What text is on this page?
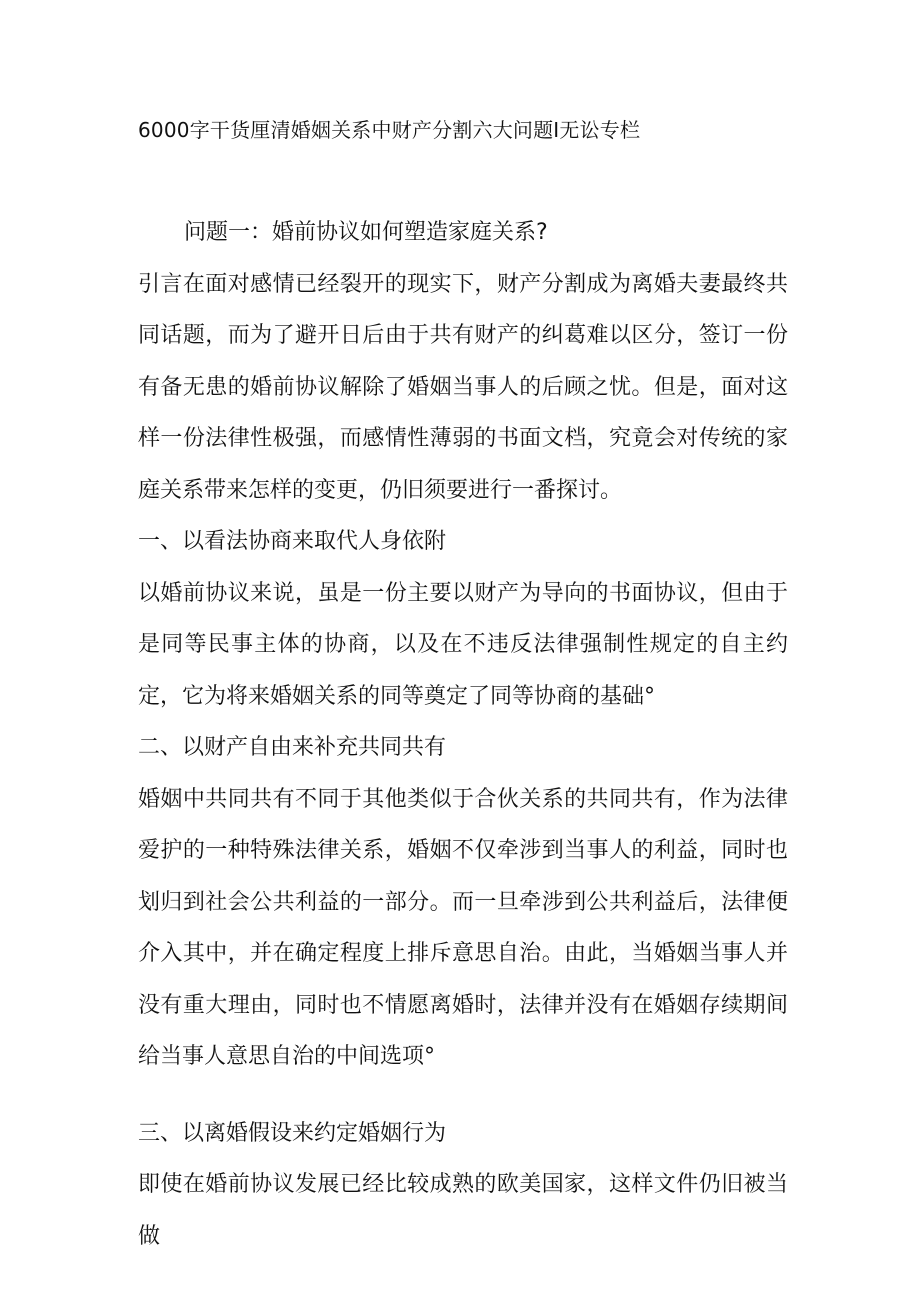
6000字干货厘清婚姻关系中财产分割六大问题I无讼专栏

问题一：婚前协议如何塑造家庭关系?

引言在面对感情已经裂开的现实下，财产分割成为离婚夫妻最终共同话题，而为了避开日后由于共有财产的纠葛难以区分，签订一份有备无患的婚前协议解除了婚姻当事人的后顾之忧。但是，面对这样一份法律性极强，而感情性薄弱的书面文档，究竟会对传统的家庭关系带来怎样的变更，仍旧须要进行一番探讨。

一、以看法协商来取代人身依附

以婚前协议来说，虽是一份主要以财产为导向的书面协议，但由于是同等民事主体的协商，以及在不违反法律强制性规定的自主约定，它为将来婚姻关系的同等奠定了同等协商的基础°

二、以财产自由来补充共同共有

婚姻中共同共有不同于其他类似于合伙关系的共同共有，作为法律爱护的一种特殊法律关系，婚姻不仅牵涉到当事人的利益，同时也划归到社会公共利益的一部分。而一旦牵涉到公共利益后，法律便介入其中，并在确定程度上排斥意思自治。由此，当婚姻当事人并没有重大理由，同时也不情愿离婚时，法律并没有在婚姻存续期间给当事人意思自治的中间选项°

三、以离婚假设来约定婚姻行为

即使在婚前协议发展已经比较成熟的欧美国家，这样文件仍旧被当做
